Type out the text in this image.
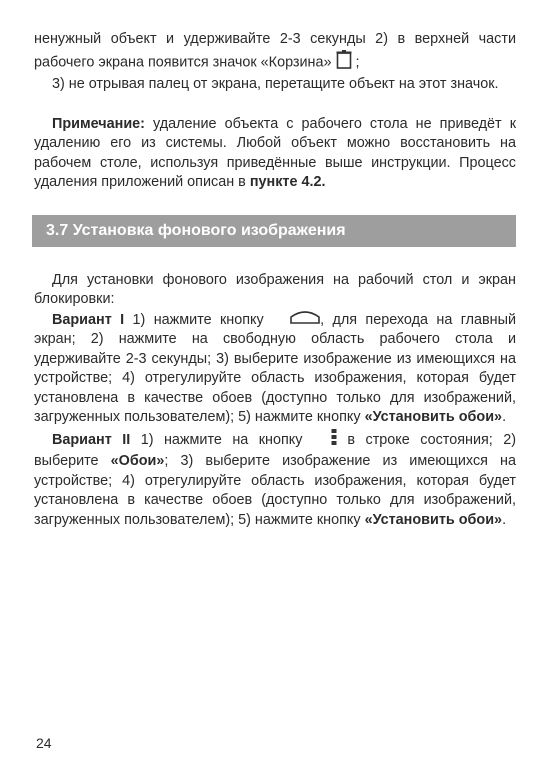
ненужный объект и удерживайте 2-3 секунды 2) в верхней части рабочего экрана появится значок «Корзина» ;

3) не отрывая палец от экрана, перетащите объект на этот значок.

Примечание: удаление объекта с рабочего стола не приведёт к удалению его из системы. Любой объект можно восстановить на рабочем столе, используя приведённые выше инструкции. Процесс удаления приложений описан в пункте 4.2.

3.7 Установка фонового изображения

Для установки фонового изображения на рабочий стол и экран блокировки:

Вариант I 1) нажмите кнопку	, для перехода на главный экран; 2) нажмите на свободную область рабочего стола и удерживайте 2-3 секунды; 3) выберите изображение из имеющихся на устройстве; 4) отрегулируйте область изображения, которая будет установлена в качестве обоев (доступно только для изображений, загруженных пользователем); 5) нажмите кнопку «Установить обои».

Вариант II 1) нажмите на кнопку	в строке состояния; 2) выберите «Обои»; 3) выберите изображение из имеющихся на устройстве; 4) отрегулируйте область изображения, которая будет установлена в качестве обоев (доступно только для изображений, загруженных пользователем); 5) нажмите кнопку «Установить обои».

24
